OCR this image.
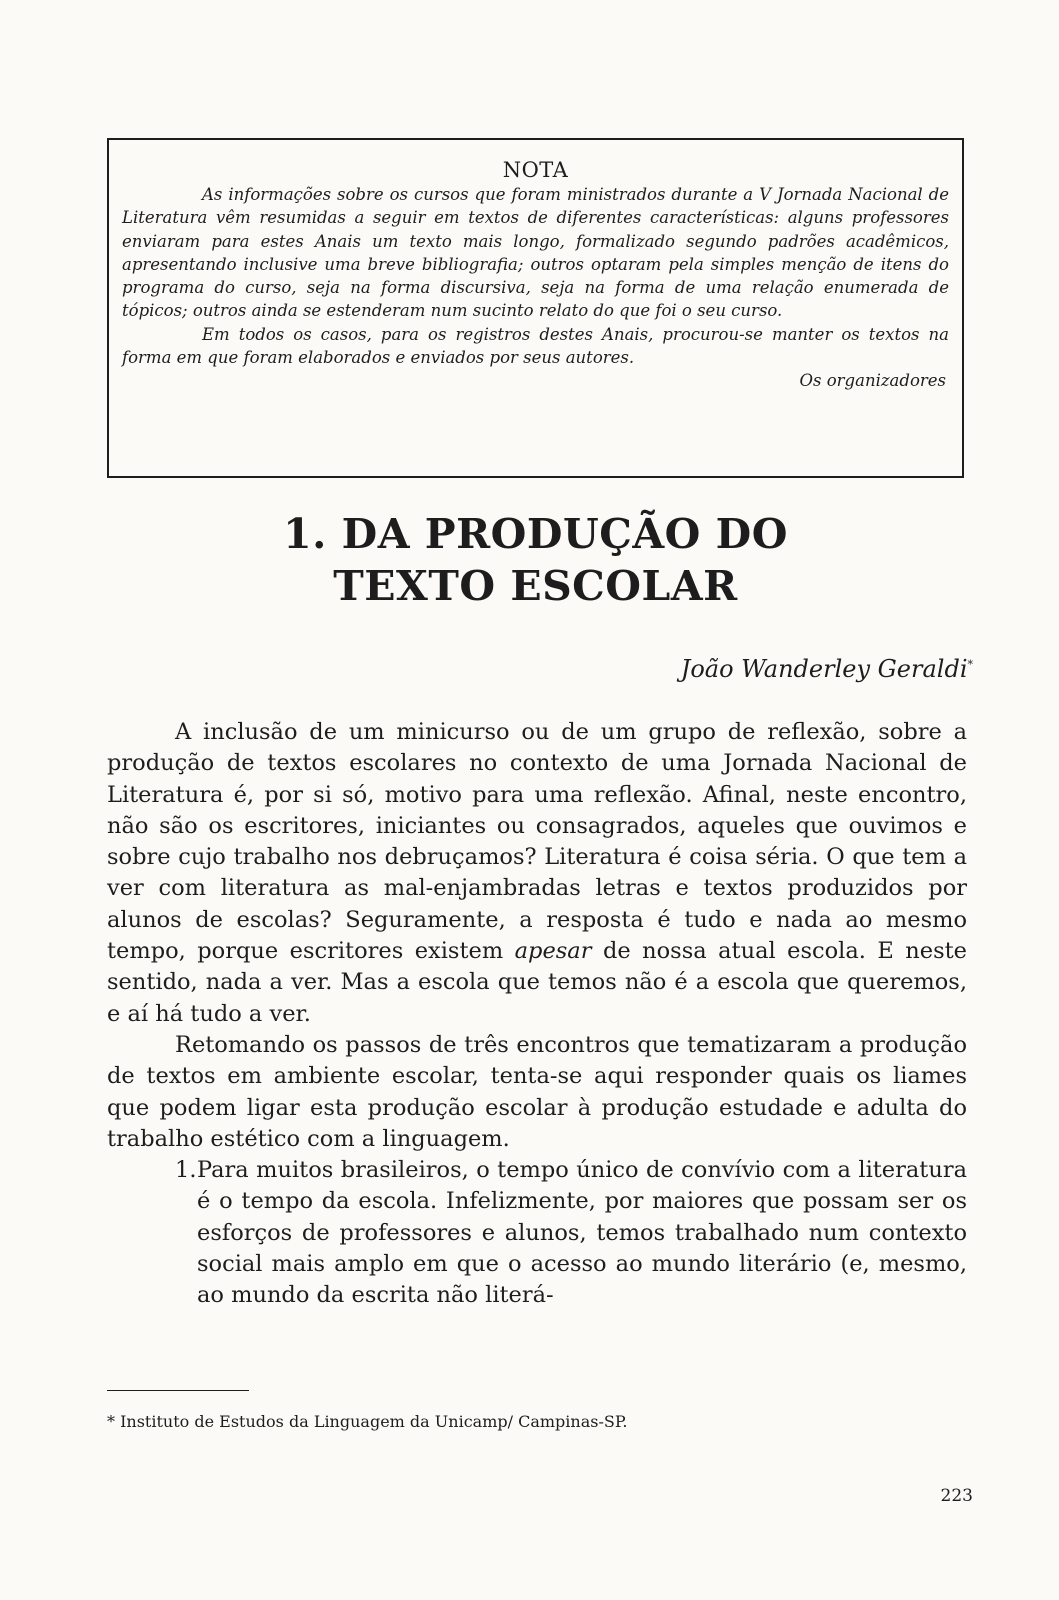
NOTA

As informações sobre os cursos que foram ministrados durante a V Jornada Nacional de Literatura vêm resumidas a seguir em textos de diferentes características: alguns professores enviaram para estes Anais um texto mais longo, formalizado segundo padrões acadêmicos, apresentando inclusive uma breve bibliografia; outros optaram pela simples menção de itens do programa do curso, seja na forma discursiva, seja na forma de uma relação enumerada de tópicos; outros ainda se estenderam num sucinto relato do que foi o seu curso.

Em todos os casos, para os registros destes Anais, procurou-se manter os textos na forma em que foram elaborados e enviados por seus autores.

Os organizadores
1. DA PRODUÇÃO DO
TEXTO ESCOLAR
João Wanderley Geraldi*

A inclusão de um minicurso ou de um grupo de reflexão, sobre a produção de textos escolares no contexto de uma Jornada Nacional de Literatura é, por si só, motivo para uma reflexão. Afinal, neste encontro, não são os escritores, iniciantes ou consagrados, aqueles que ouvimos e sobre cujo trabalho nos debruçamos? Literatura é coisa séria. O que tem a ver com literatura as mal-enjambradas letras e textos produzidos por alunos de escolas? Seguramente, a resposta é tudo e nada ao mesmo tempo, porque escritores existem apesar de nossa atual escola. E neste sentido, nada a ver. Mas a escola que temos não é a escola que queremos, e aí há tudo a ver.

Retomando os passos de três encontros que tematizaram a produção de textos em ambiente escolar, tenta-se aqui responder quais os liames que podem ligar esta produção escolar à produção estudade e adulta do trabalho estético com a linguagem.

1. Para muitos brasileiros, o tempo único de convívio com a literatura é o tempo da escola. Infelizmente, por maiores que possam ser os esforços de professores e alunos, temos trabalhado num contexto social mais amplo em que o acesso ao mundo literário (e, mesmo, ao mundo da escrita não literá-

* Instituto de Estudos da Linguagem da Unicamp/ Campinas-SP.
223
